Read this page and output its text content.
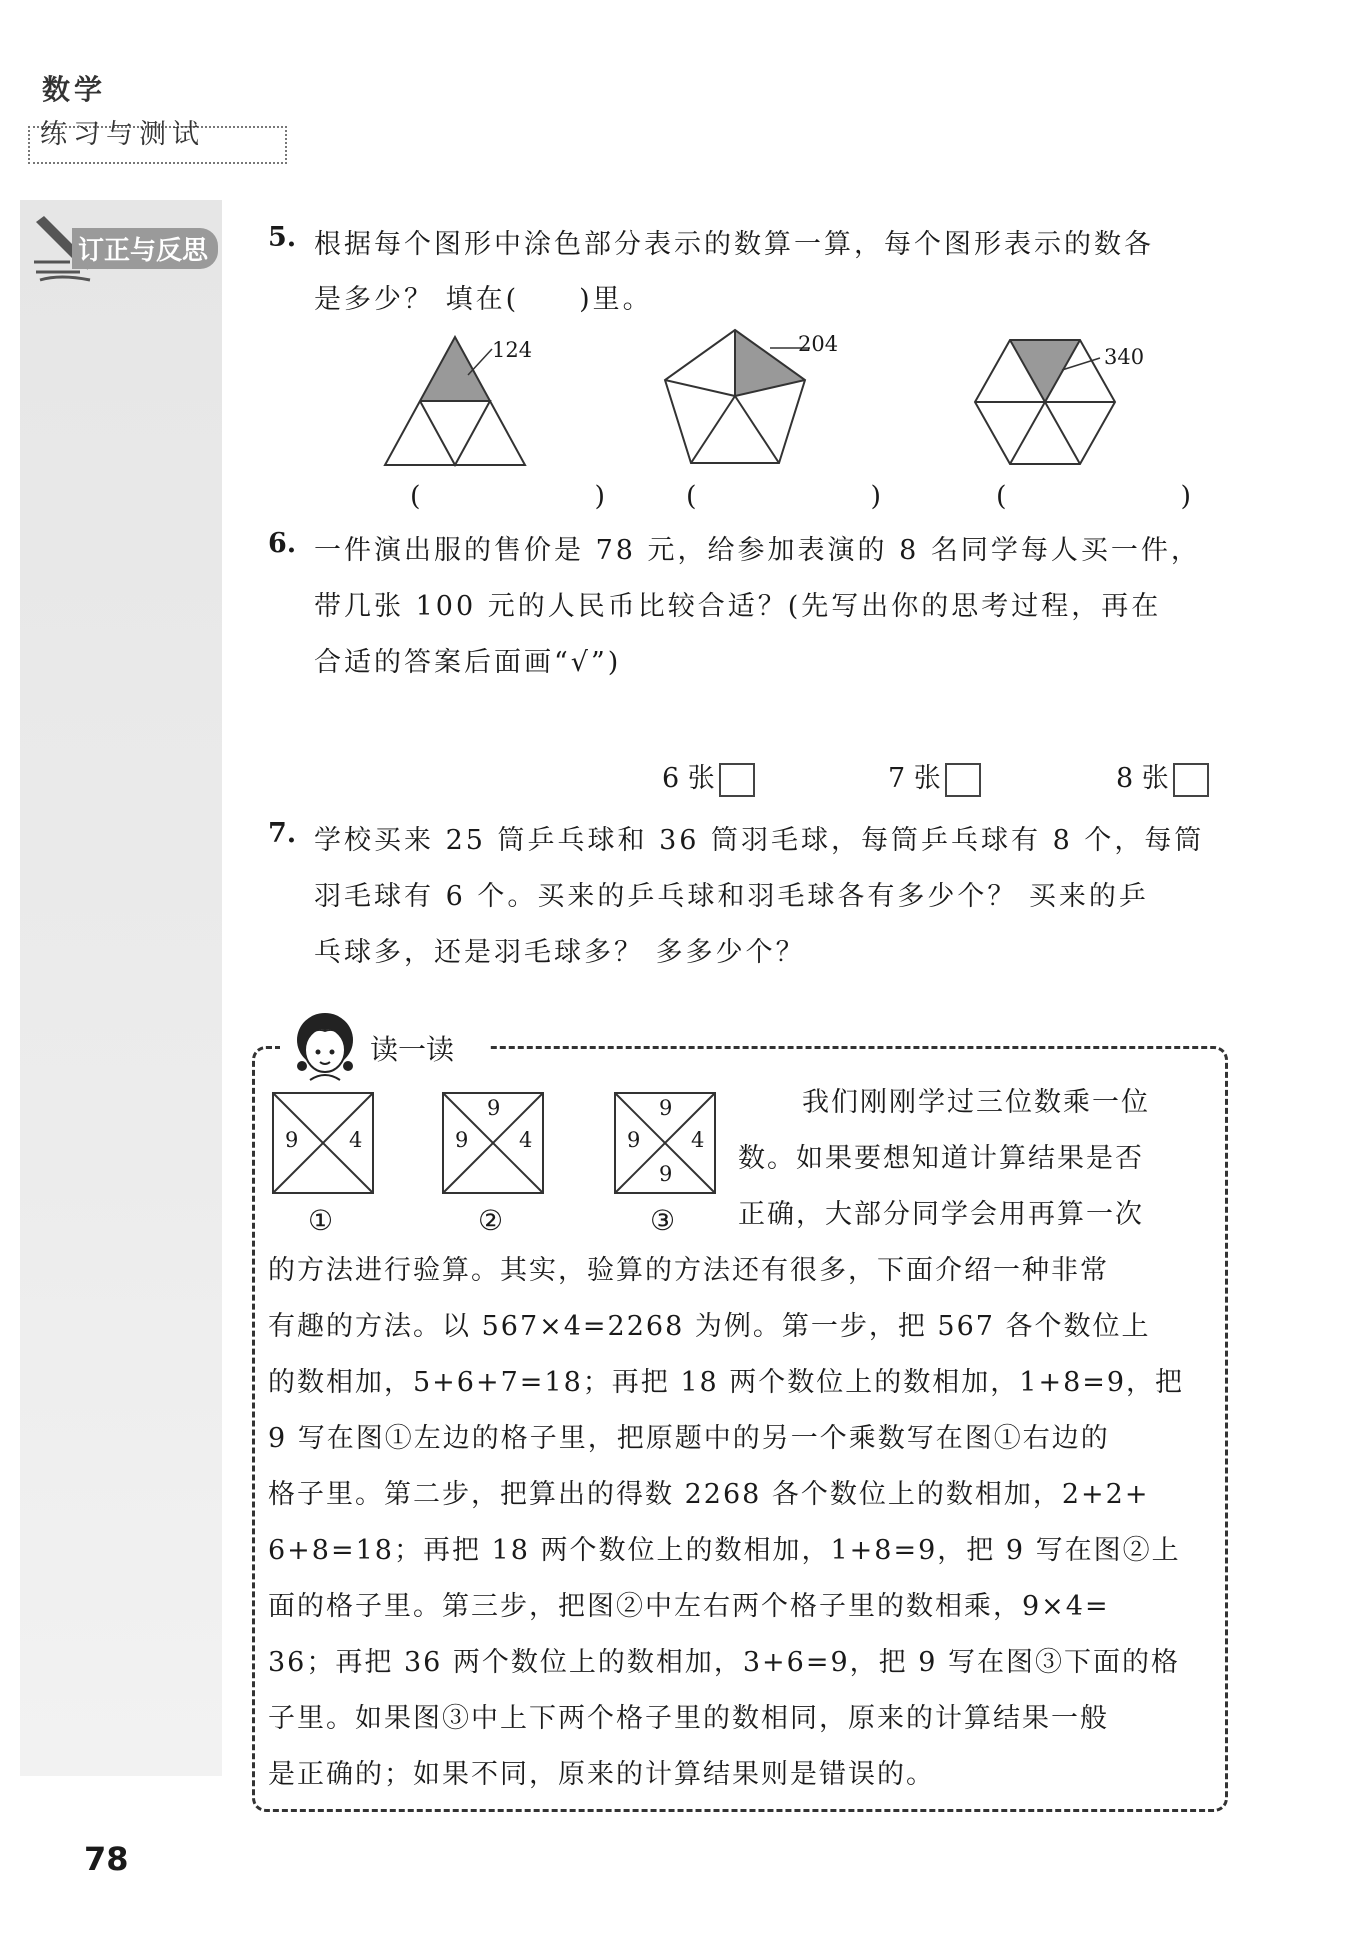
数学
练习与测试
订正与反思	5. 根据每个图形中涂色部分表示的数算一算，每个图形表示的数各
是多少？ 填在(　　)里。
124	204
340
(　　) (　　)	(　　)
6. 一件演出服的售价是 78 元，给参加表演的 8 名同学每人买一件，
带几张 100 元的人民币比较合适？(先写出你的思考过程，再在
合适的答案后面画“√”)
6 张	7 张	8 张
7. 学校买来 25 筒乒乓球和 36 筒羽毛球，每筒乒乓球有 8 个，每筒
羽毛球有 6 个。买来的乒乓球和羽毛球各有多少个？ 买来的乒
乓球多，还是羽毛球多？ 多多少个？
读一读
9 4
①
9
9 4
②
9
9 4
9
③
我们刚刚学过三位数乘一位
数。如果要想知道计算结果是否
正确，大部分同学会用再算一次
的方法进行验算。其实，验算的方法还有很多，下面介绍一种非常
有趣的方法。以 567×4=2268 为例。第一步，把 567 各个数位上
的数相加，5+6+7=18；再把 18 两个数位上的数相加，1+8=9，把
9 写在图①左边的格子里，把原题中的另一个乘数写在图①右边的
格子里。第二步，把算出的得数 2268 各个数位上的数相加，2+2+
6+8=18；再把 18 两个数位上的数相加，1+8=9，把 9 写在图②上
面的格子里。第三步，把图②中左右两个格子里的数相乘，9×4=
36；再把 36 两个数位上的数相加，3+6=9，把 9 写在图③下面的格
子里。如果图③中上下两个格子里的数相同，原来的计算结果一般
是正确的；如果不同，原来的计算结果则是错误的。
78
